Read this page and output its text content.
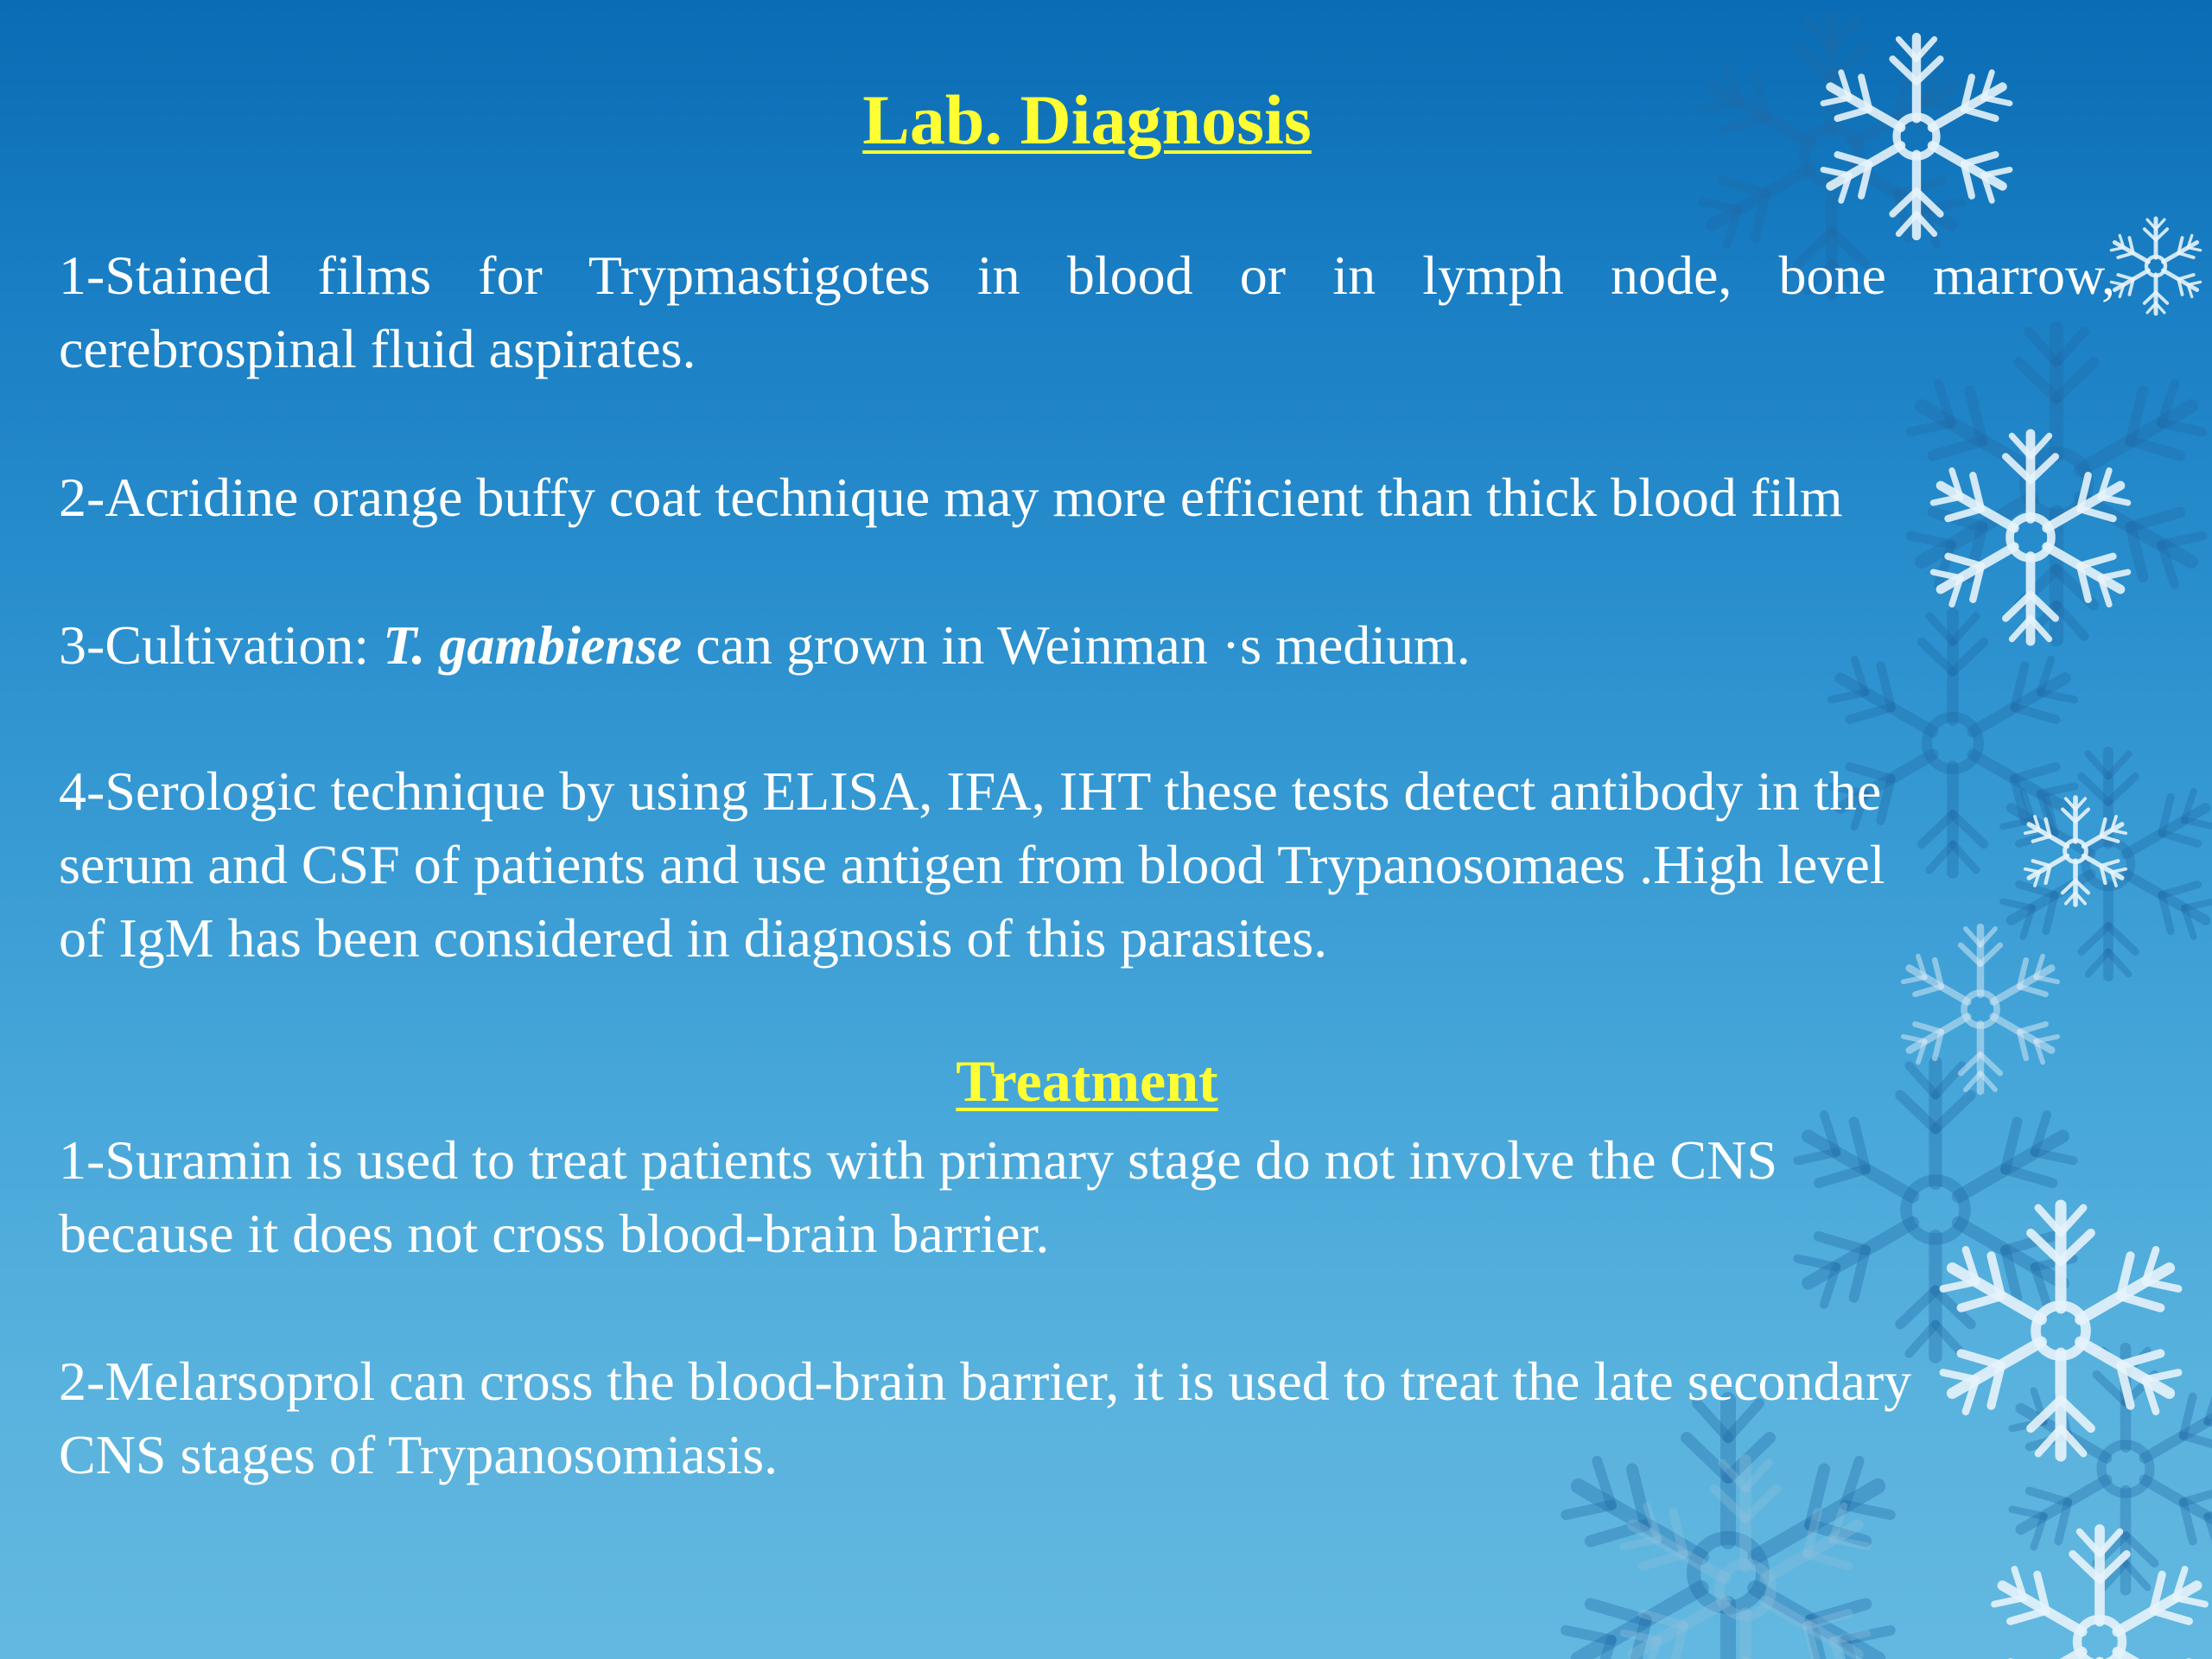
Lab. Diagnosis
1-Stained films for Trypmastigotes in blood or in lymph node, bone marrow,
cerebrospinal fluid aspirates.
2-Acridine orange buffy coat technique may more efficient than thick blood film
3-Cultivation: T. gambiense can grown in Weinman ·s medium.
4-Serologic technique by using ELISA, IFA, IHT these tests detect antibody in the
serum and CSF of patients and use antigen from blood Trypanosomaes .High level
of IgM has been considered in diagnosis of this parasites.
Treatment
1-Suramin is used to treat patients with primary stage do not involve the CNS
because it does not cross blood-brain barrier.
2-Melarsoprol can cross the blood-brain barrier, it is used to treat the late secondary
CNS stages of Trypanosomiasis.
